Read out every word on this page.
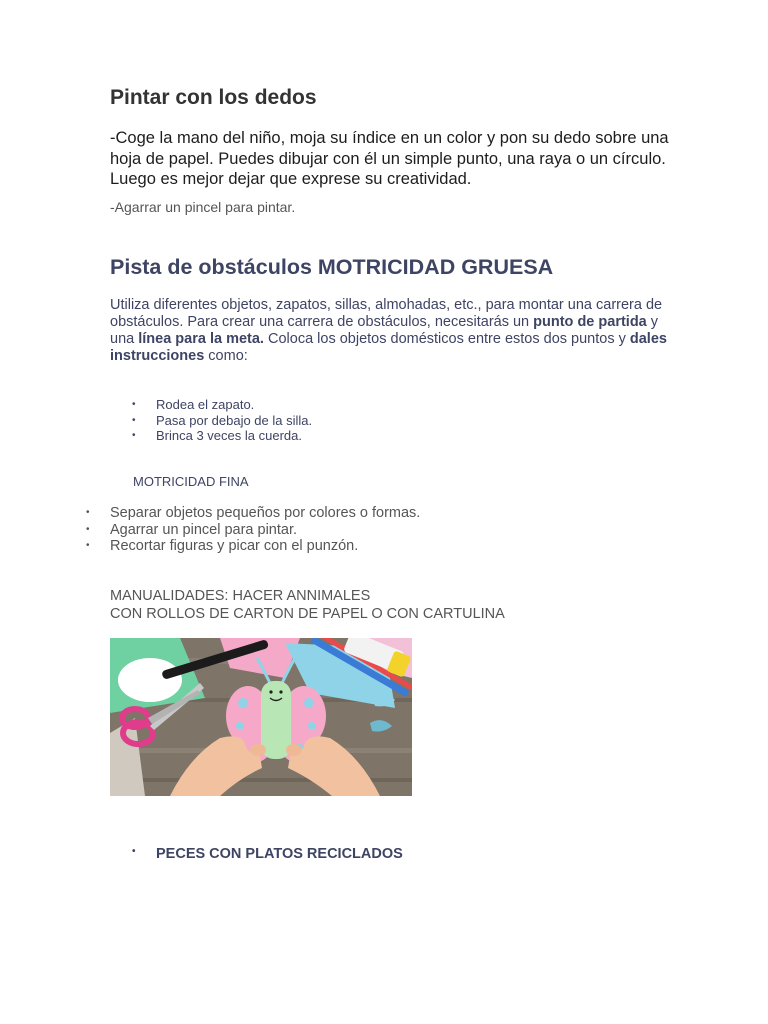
Pintar con los dedos

-Coge la mano del niño, moja su índice en un color y pon su dedo sobre una hoja de papel. Puedes dibujar con él un simple punto, una raya o un círculo. Luego es mejor dejar que exprese su creatividad.

-Agarrar un pincel para pintar.

Pista de obstáculos MOTRICIDAD GRUESA

Utiliza diferentes objetos, zapatos, sillas, almohadas, etc., para montar una carrera de obstáculos. Para crear una carrera de obstáculos, necesitarás un punto de partida y una línea para la meta. Coloca los objetos domésticos entre estos dos puntos y dales instrucciones como:

• Rodea el zapato.
• Pasa por debajo de la silla.
• Brinca 3 veces la cuerda.

MOTRICIDAD FINA

• Separar objetos pequeños por colores o formas.
• Agarrar un pincel para pintar.
• Recortar figuras y picar con el punzón.

MANUALIDADES: HACER ANNIMALES
CON ROLLOS DE CARTON DE PAPEL O CON CARTULINA

• PECES CON PLATOS RECICLADOS
